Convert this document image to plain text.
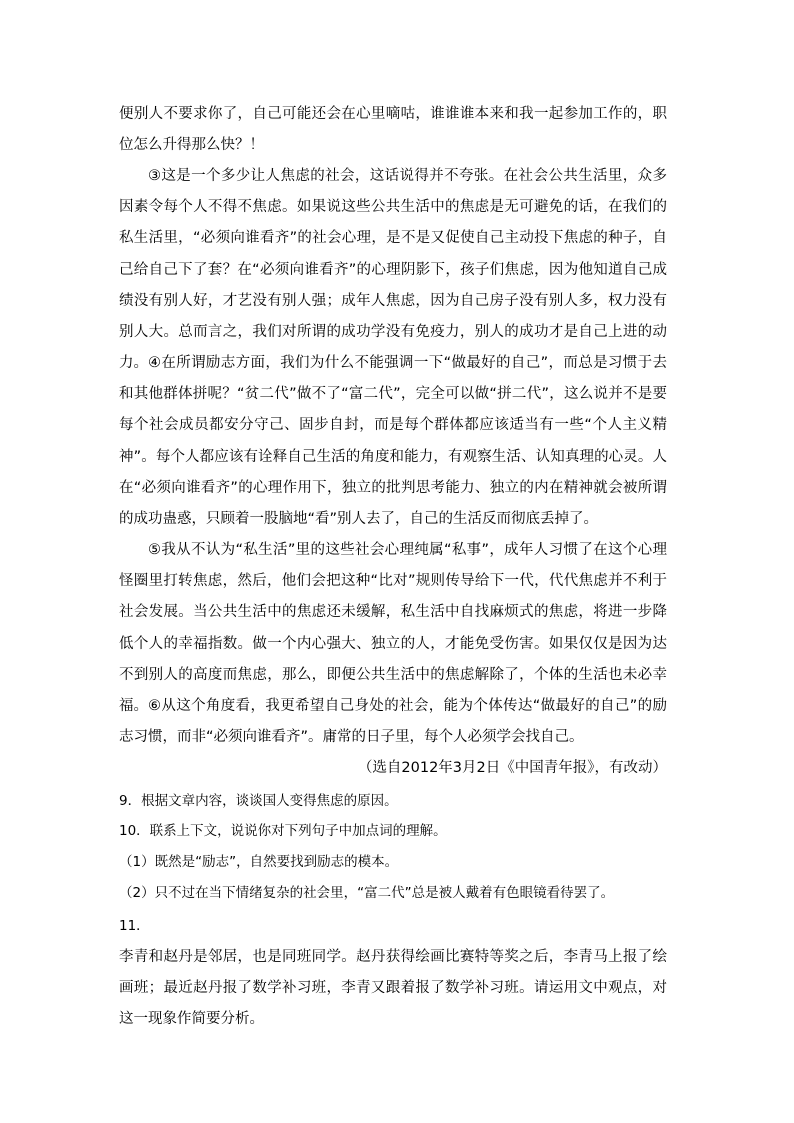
便别人不要求你了，自己可能还会在心里嘀咕，谁谁谁本来和我一起参加工作的，职位怎么升得那么快？！
③这是一个多少让人焦虑的社会，这话说得并不夸张。在社会公共生活里，众多因素令每个人不得不焦虑。如果说这些公共生活中的焦虑是无可避免的话，在我们的私生活里，“必须向谁看齐”的社会心理，是不是又促使自己主动投下焦虑的种子，自己给自己下了套？在“必须向谁看齐”的心理阴影下，孩子们焦虑，因为他知道自己成绩没有别人好，才艺没有别人强；成年人焦虑，因为自己房子没有别人多，权力没有别人大。总而言之，我们对所谓的成功学没有免疫力，别人的成功才是自己上进的动力。 ④在所谓励志方面，我们为什么不能强调一下“做最好的自己”，而总是习惯于去和其他群体拼呢？“贫二代”做不了“富二代”，完全可以做“拼二代”，这么说并不是要每个社会成员都安分守己、固步自封，而是每个群体都应该适当有一些“个人主义精神”。每个人都应该有诠释自己生活的角度和能力，有观察生活、认知真理的心灵。人在“必须向谁看齐”的心理作用下，独立的批判思考能力、独立的内在精神就会被所谓的成功蛊惑，只顾着一股脑地“看”别人去了，自己的生活反而彻底丢掉了。
⑤我从不认为“私生活”里的这些社会心理纯属“私事”，成年人习惯了在这个心理怪圈里打转焦虑，然后，他们会把这种“比对”规则传导给下一代，代代焦虑并不利于社会发展。当公共生活中的焦虑还未缓解，私生活中自找麻烦式的焦虑，将进一步降低个人的幸福指数。做一个内心强大、独立的人，才能免受伤害。如果仅仅是因为达不到别人的高度而焦虑，那么，即便公共生活中的焦虑解除了，个体的生活也未必幸福。 ⑥从这个角度看，我更希望自己身处的社会，能为个体传达“做最好的自己”的励志习惯，而非“必须向谁看齐”。庸常的日子里，每个人必须学会找自己。
（选自2012年3月2日《中国青年报》，有改动）
9．根据文章内容，谈谈国人变得焦虑的原因。
10．联系上下文，说说你对下列句子中加点词的理解。
（1）既然是“励志”，自然要找到励志的模本。
（2）只不过在当下情绪复杂的社会里，“富二代”总是被人戴着有色眼镜看待罢了。
11．
李青和赵丹是邻居，也是同班同学。赵丹获得绘画比赛特等奖之后，李青马上报了绘画班；最近赵丹报了数学补习班，李青又跟着报了数学补习班。请运用文中观点，对这一现象作简要分析。
